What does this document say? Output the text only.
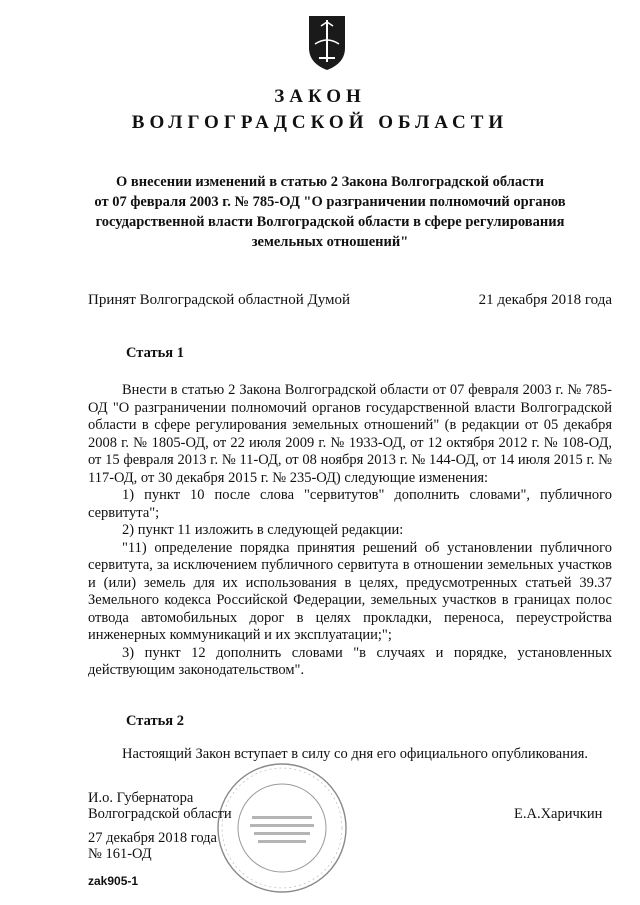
ЗАКОН
ВОЛГОГРАДСКОЙ ОБЛАСТИ
О внесении изменений в статью 2 Закона Волгоградской области
от 07 февраля 2003 г. № 785-ОД "О разграничении полномочий органов
государственной власти Волгоградской области в сфере регулирования
земельных отношений"
Принят Волгоградской областной Думой	21 декабря 2018 года
Статья 1

Внести в статью 2 Закона Волгоградской области от 07 февраля 2003 г. № 785-ОД "О разграничении полномочий органов государственной власти Волгоградской области в сфере регулирования земельных отношений" (в редакции от 05 декабря 2008 г. № 1805-ОД, от 22 июля 2009 г. № 1933-ОД, от 12 октября 2012 г. № 108-ОД, от 15 февраля 2013 г. № 11-ОД, от 08 ноября 2013 г. № 144-ОД, от 14 июля 2015 г. № 117-ОД, от 30 декабря 2015 г. № 235-ОД) следующие изменения:

1) пункт 10 после слова "сервитутов" дополнить словами", публичного сервитута";

2) пункт 11 изложить в следующей редакции:

"11) определение порядка принятия решений об установлении публичного сервитута, за исключением публичного сервитута в отношении земельных участков и (или) земель для их использования в целях, предусмотренных статьей 39.37 Земельного кодекса Российской Федерации, земельных участков в границах полос отвода автомобильных дорог в целях прокладки, переноса, переустройства инженерных коммуникаций и их эксплуатации;";

3) пункт 12 дополнить словами "в случаях и порядке, установленных действующим законодательством".

Статья 2

Настоящий Закон вступает в силу со дня его официального опубликования.

И.о. Губернатора
Волгоградской области	Е.А.Харичкин
27 декабря 2018 года
№ 161-ОД
zak905-1
